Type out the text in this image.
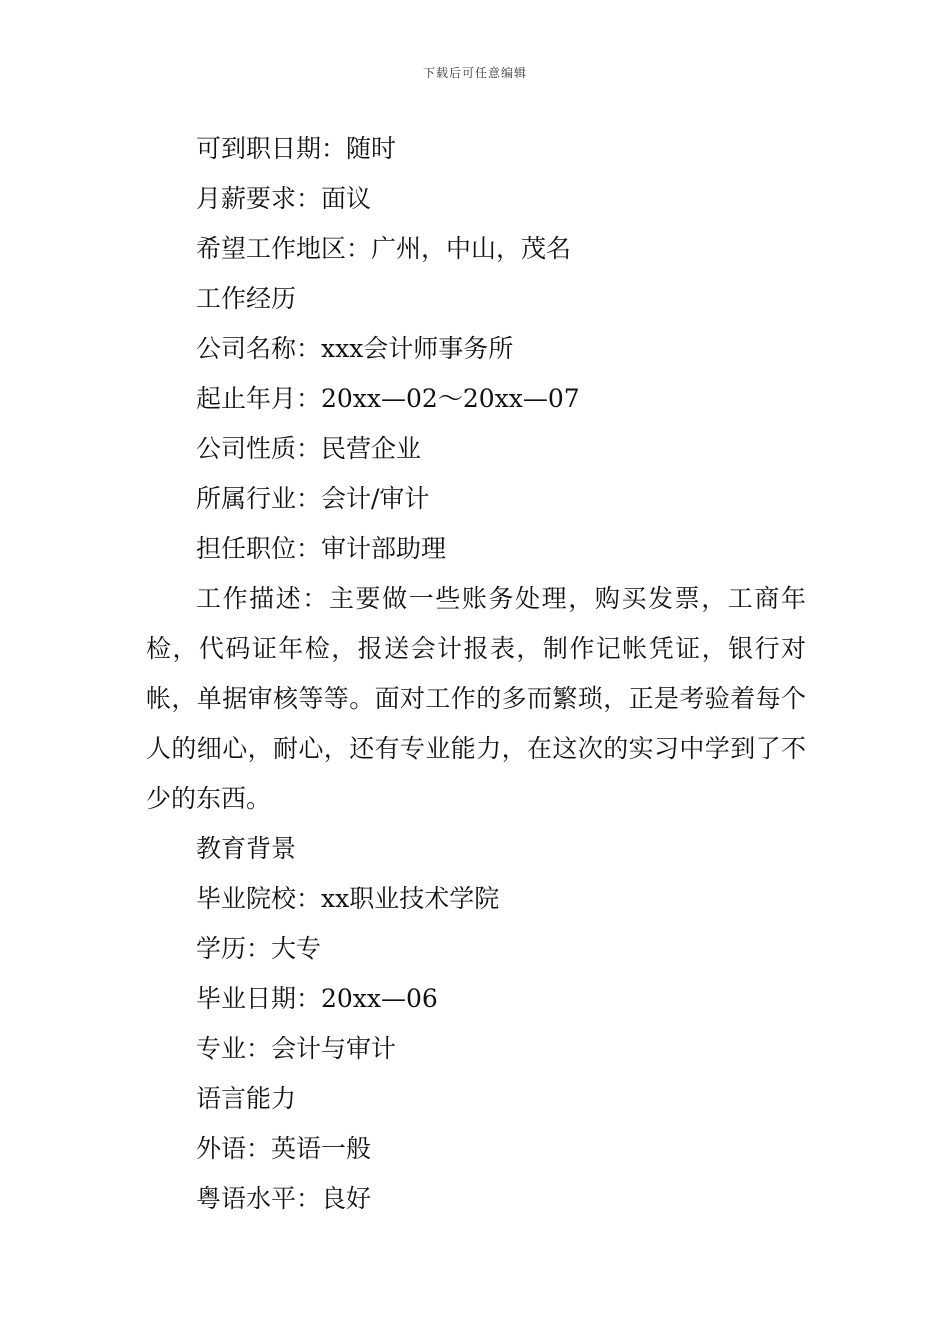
下载后可任意编辑
可到职日期：随时
月薪要求：面议
希望工作地区：广州，中山，茂名
工作经历
公司名称：xxx会计师事务所
起止年月：20xx—02～20xx—07
公司性质：民营企业
所属行业：会计/审计
担任职位：审计部助理

工作描述：主要做一些账务处理，购买发票，工商年检，代码证年检，报送会计报表，制作记帐凭证，银行对帐，单据审核等等。面对工作的多而繁琐，正是考验着每个人的细心，耐心，还有专业能力，在这次的实习中学到了不少的东西。

教育背景
毕业院校：xx职业技术学院
学历：大专
毕业日期：20xx—06
专业：会计与审计
语言能力
外语：英语一般
粤语水平：良好
